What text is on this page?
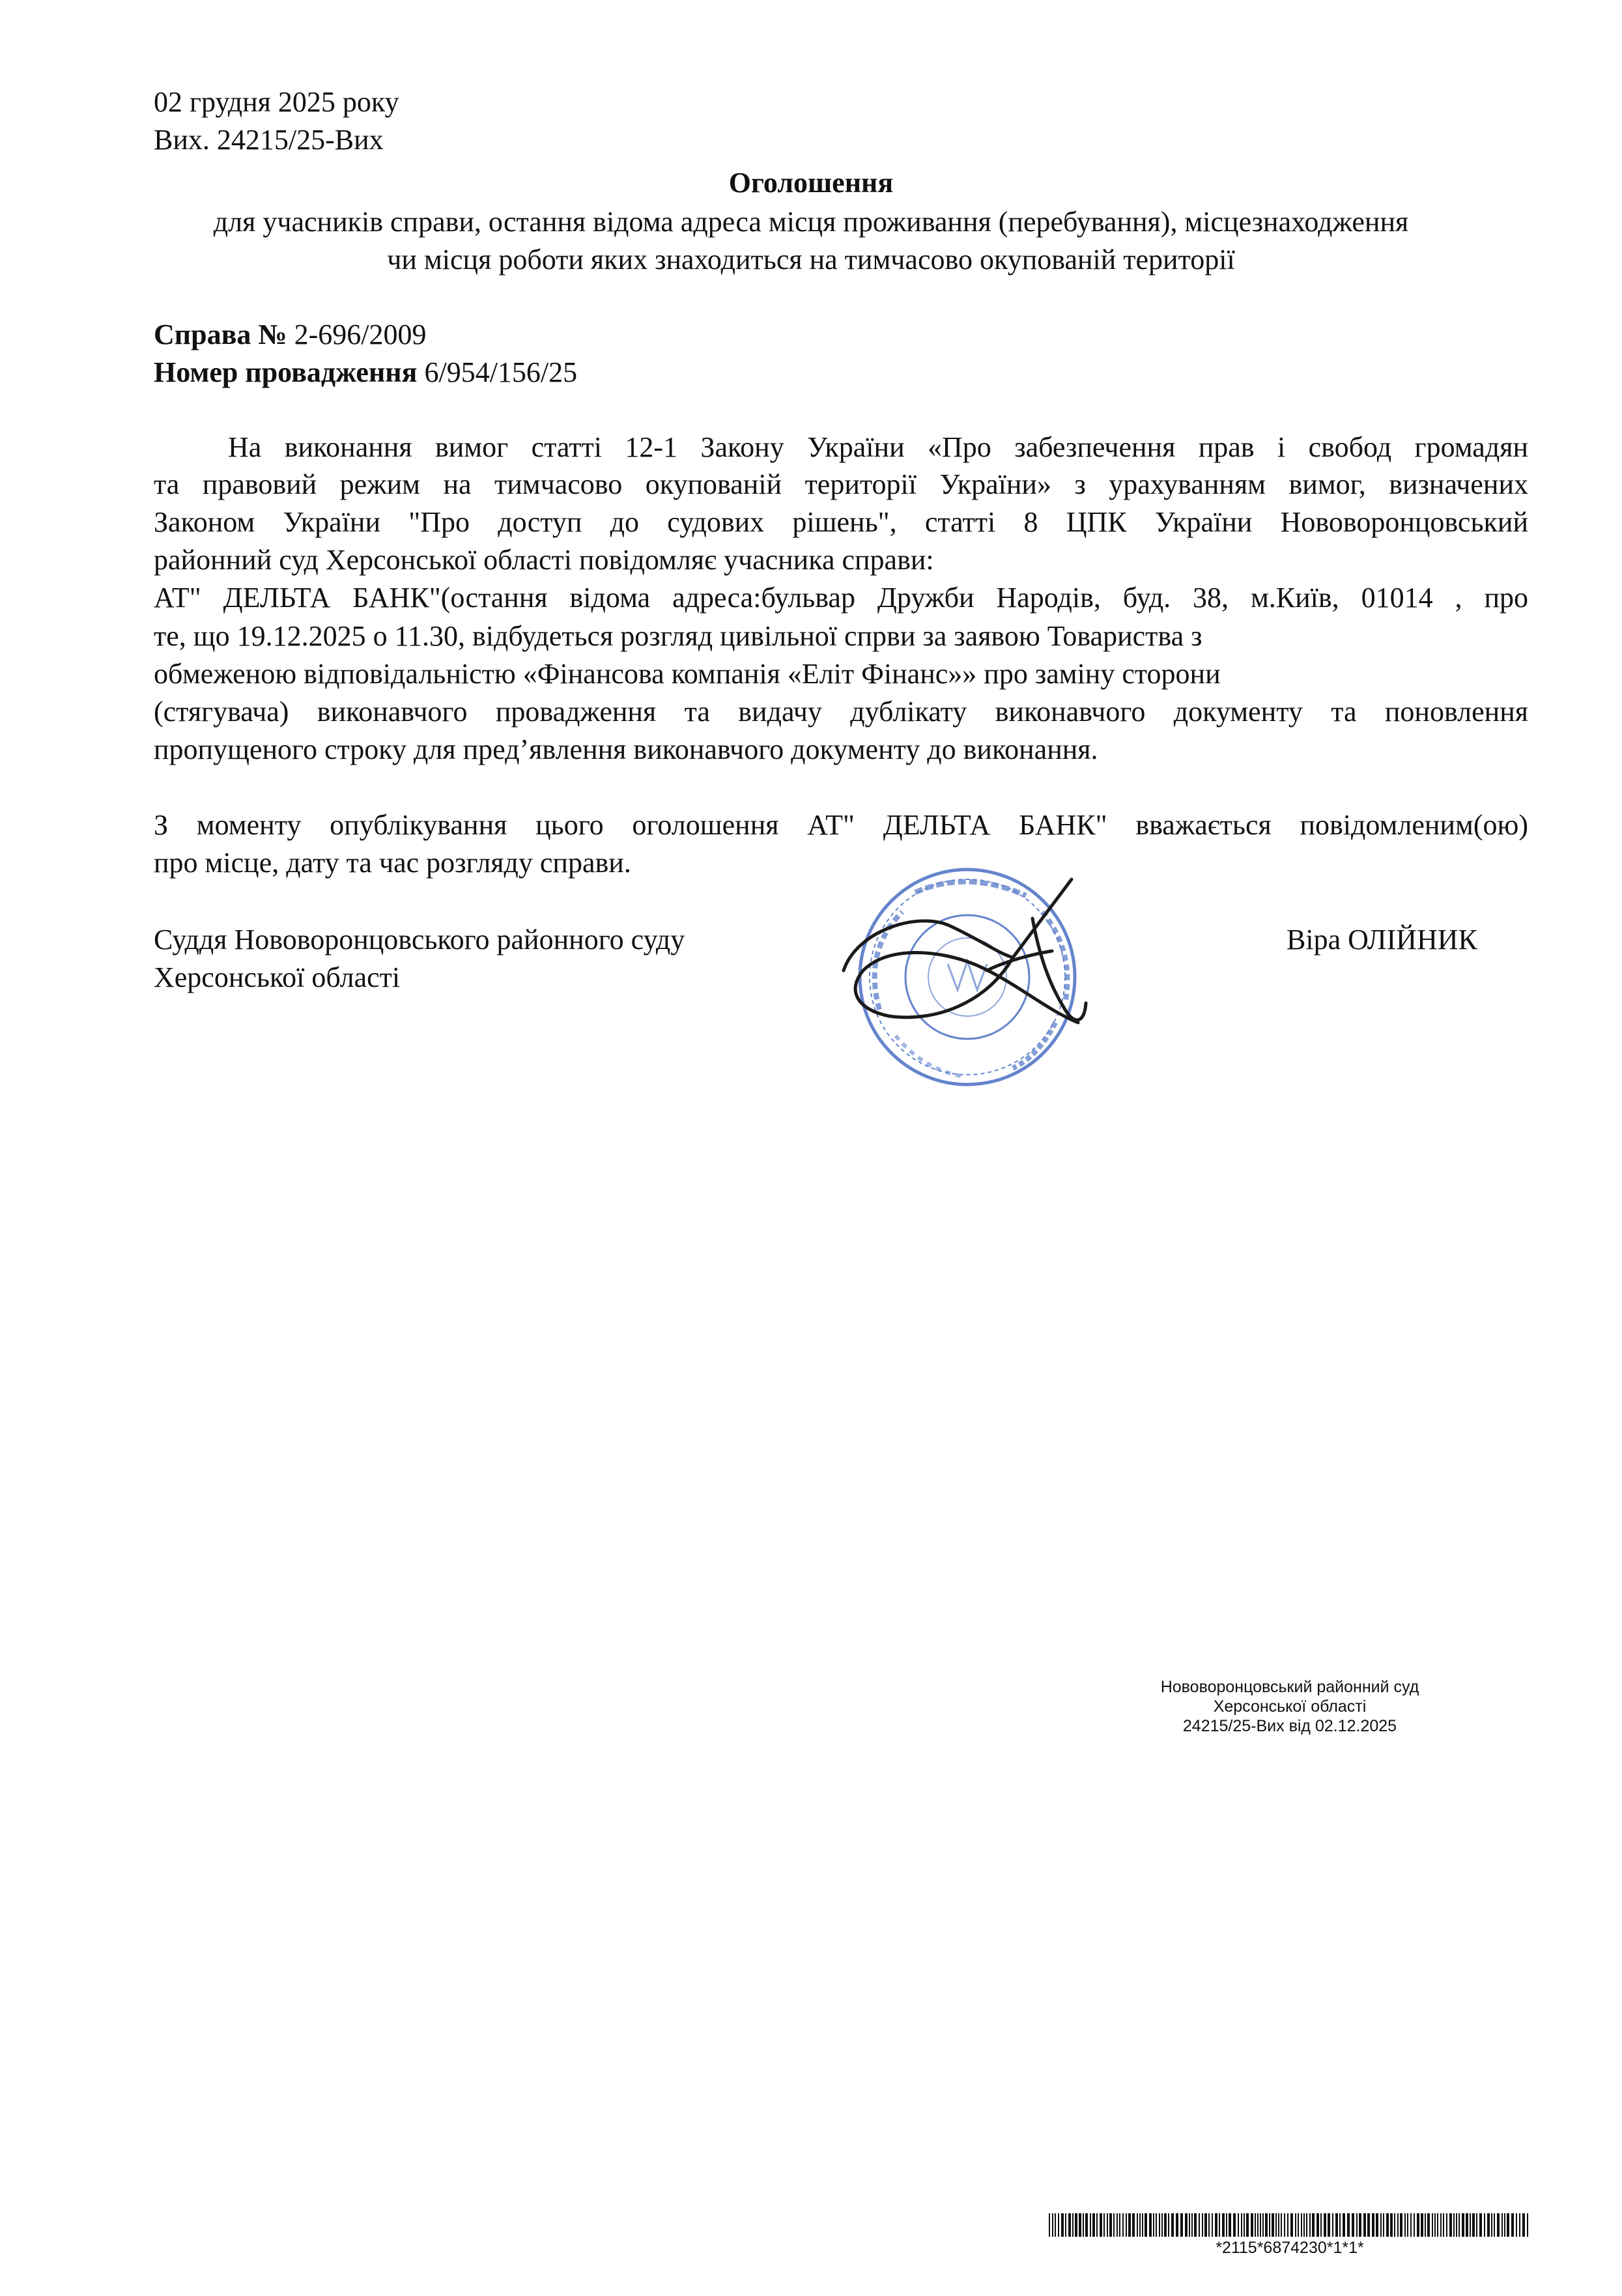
02 грудня 2025 року
Вих. 24215/25-Вих
Оголошення
для учасників справи, остання відома адреса місця проживання (перебування), місцезнаходження
чи місця роботи яких знаходиться на тимчасово окупованій території
Справа № 2-696/2009
Номер провадження 6/954/156/25
На виконання вимог статті 12-1 Закону України «Про забезпечення прав і свобод громадян
та правовий режим на тимчасово окупованій території України» з урахуванням вимог, визначених
Законом України "Про доступ до судових рішень", статті 8 ЦПК України Нововоронцовський
районний суд Херсонської області повідомляє учасника справи:
АТ" ДЕЛЬТА БАНК"(остання відома адреса:бульвар Дружби Народів, буд. 38, м.Київ, 01014 , про
те, що 19.12.2025 о 11.30, відбудеться розгляд цивільної спрви за заявою Товариства з
обмеженою відповідальністю «Фінансова компанія «Еліт Фінанс»» про заміну сторони
(стягувача) виконавчого провадження та видачу дублікату виконавчого документу та поновлення
пропущеного строку для пред’явлення виконавчого документу до виконання.
З моменту опублікування цього оголошення АТ" ДЕЛЬТА БАНК" вважається повідомленим(ою)
про місце, дату та час розгляду справи.
Суддя Нововоронцовського районного суду
Херсонської області
Віра ОЛІЙНИК
Нововоронцовський районний суд
Херсонської області
24215/25-Вих від 02.12.2025
*2115*6874230*1*1*
